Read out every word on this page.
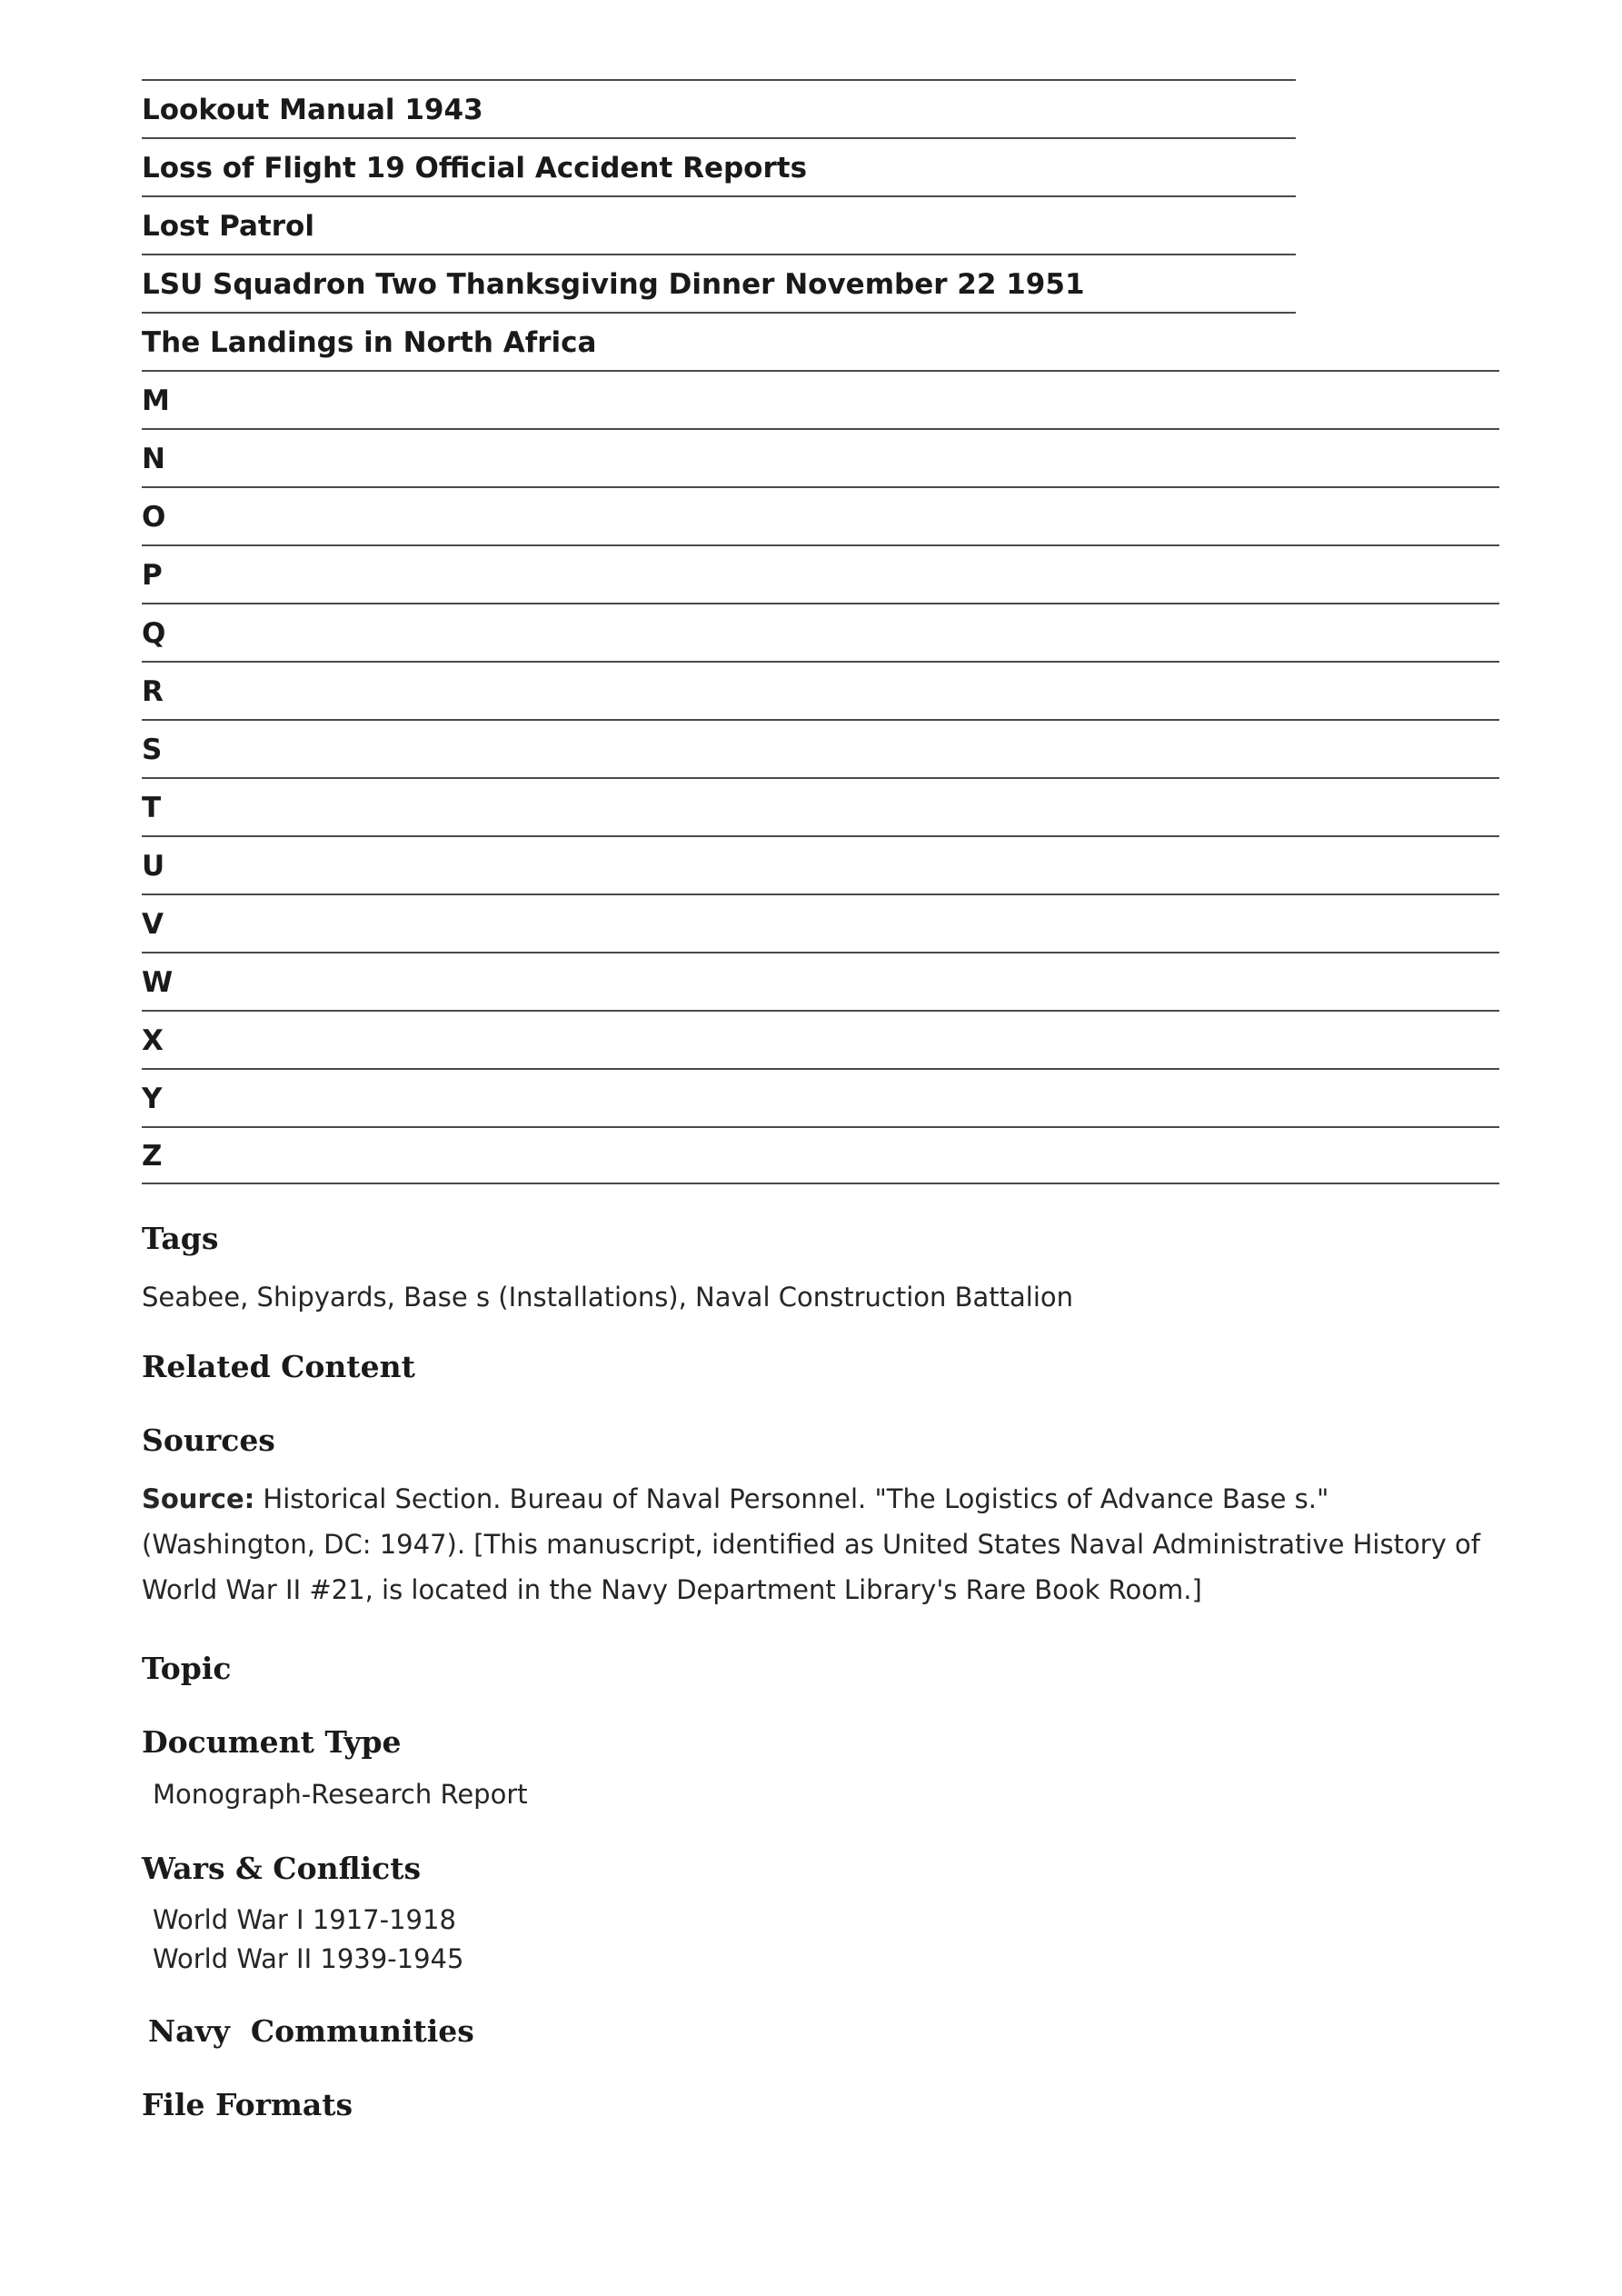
Lookout Manual 1943
Loss of Flight 19 Official Accident Reports
Lost Patrol
LSU Squadron Two Thanksgiving Dinner November 22 1951
The Landings in North Africa
M
N
O
P
Q
R
S
T
U
V
W
X
Y
Z
Tags
Seabee, Shipyards, Base s (Installations), Naval Construction Battalion
Related Content
Sources
Source: Historical Section. Bureau of Naval Personnel. "The Logistics of Advance Base s." (Washington, DC: 1947). [This manuscript, identified as United States Naval Administrative History of World War II #21, is located in the Navy Department Library's Rare Book Room.]
Topic
Document Type
Monograph-Research Report
Wars & Conflicts
World War I 1917-1918
World War II 1939-1945
Navy  Communities
File Formats
